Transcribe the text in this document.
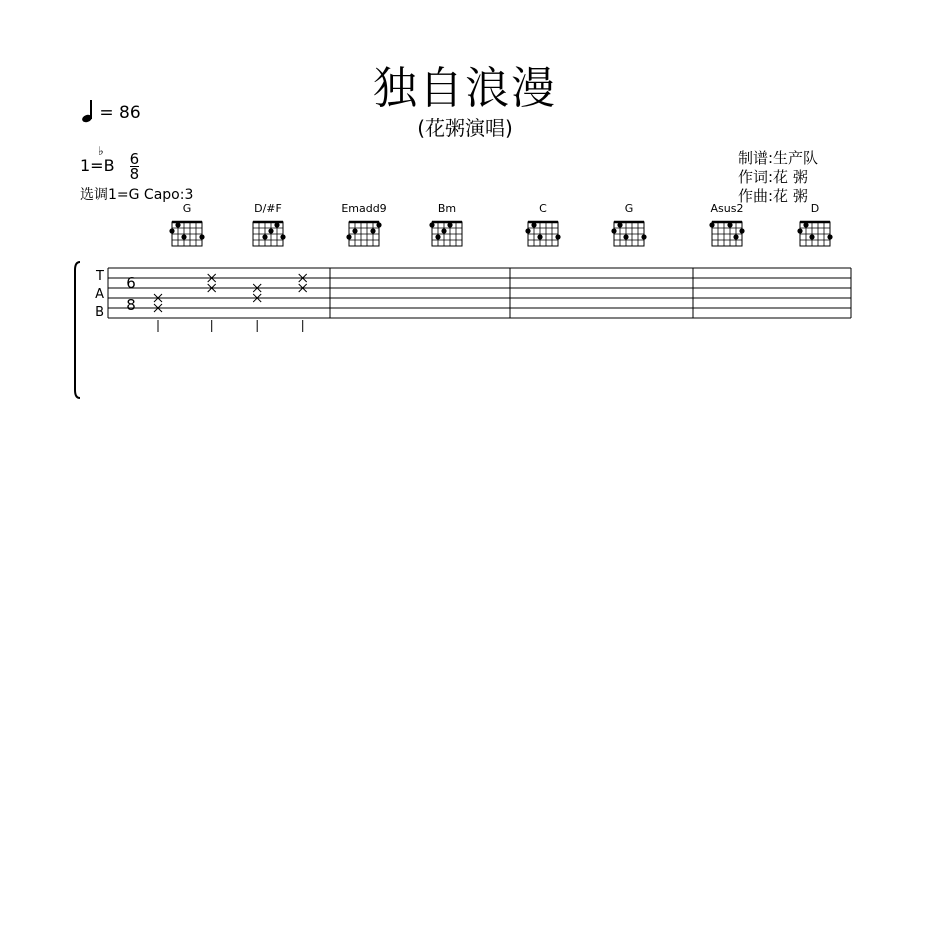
独自浪漫
(花粥演唱)
= 86
$1=B \frac{6}{8}$
♭
选调1=G Capo:3
制谱:生产队
作词:花 粥
作曲:花 粥
G	D/#F	Emadd9	Bm	C	G	Asus2	D
T
A
B
6
8
